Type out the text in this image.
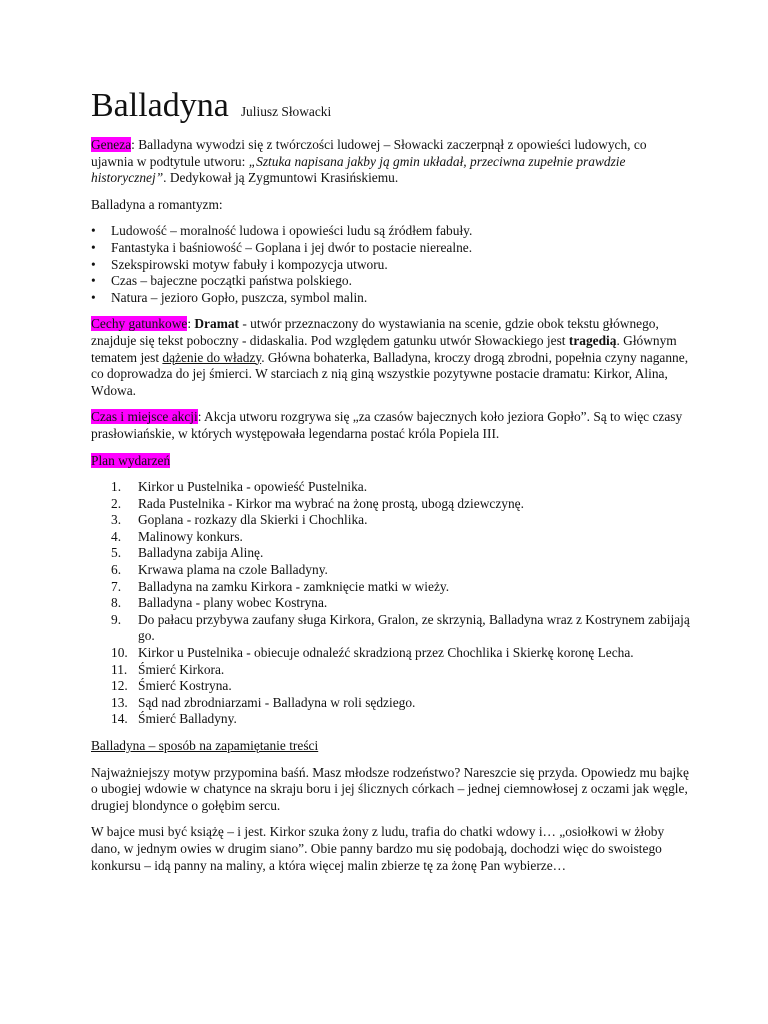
Balladyna Juliusz Słowacki

Geneza: Balladyna wywodzi się z twórczości ludowej – Słowacki zaczerpnął z opowieści ludowych, co ujawnia w podtytule utworu: „Sztuka napisana jakby ją gmin układał, przeciwna zupełnie prawdzie historycznej”. Dedykował ją Zygmuntowi Krasińskiemu.

Balladyna a romantyzm:

•	Ludowość – moralność ludowa i opowieści ludu są źródłem fabuły.
•	Fantastyka i baśniowość – Goplana i jej dwór to postacie nierealne.
•	Szekspirowski motyw fabuły i kompozycja utworu.
•	Czas – bajeczne początki państwa polskiego.
•	Natura – jezioro Gopło, puszcza, symbol malin.

Cechy gatunkowe: Dramat - utwór przeznaczony do wystawiania na scenie, gdzie obok tekstu głównego, znajduje się tekst poboczny - didaskalia. Pod względem gatunku utwór Słowackiego jest tragedią. Głównym tematem jest dążenie do władzy. Główna bohaterka, Balladyna, kroczy drogą zbrodni, popełnia czyny naganne, co doprowadza do jej śmierci. W starciach z nią giną wszystkie pozytywne postacie dramatu: Kirkor, Alina, Wdowa.

Czas i miejsce akcji: Akcja utworu rozgrywa się „za czasów bajecznych koło jeziora Gopło”. Są to więc czasy prasłowiańskie, w których występowała legendarna postać króla Popiela III.

Plan wydarzeń

1.	Kirkor u Pustelnika - opowieść Pustelnika.
2.	Rada Pustelnika - Kirkor ma wybrać na żonę prostą, ubogą dziewczynę.
3.	Goplana - rozkazy dla Skierki i Chochlika.
4.	Malinowy konkurs.
5.	Balladyna zabija Alinę.
6.	Krwawa plama na czole Balladyny.
7.	Balladyna na zamku Kirkora - zamknięcie matki w wieży.
8.	Balladyna - plany wobec Kostryna.
9.	Do pałacu przybywa zaufany sługa Kirkora, Gralon, ze skrzynią, Balladyna wraz z Kostrynem zabijają go.
10. Kirkor u Pustelnika - obiecuje odnaleźć skradzioną przez Chochlika i Skierkę koronę Lecha.
11. Śmierć Kirkora.
12. Śmierć Kostryna.
13. Sąd nad zbrodniarzami - Balladyna w roli sędziego.
14. Śmierć Balladyny.

Balladyna – sposób na zapamiętanie treści

Najważniejszy motyw przypomina baśń. Masz młodsze rodzeństwo? Nareszcie się przyda. Opowiedz mu bajkę o ubogiej wdowie w chatynce na skraju boru i jej ślicznych córkach – jednej ciemnowłosej z oczami jak węgle, drugiej blondynce o gołębim sercu.

W bajce musi być książę – i jest. Kirkor szuka żony z ludu, trafia do chatki wdowy i… „osiołkowi w żłoby dano, w jednym owies w drugim siano”. Obie panny bardzo mu się podobają, dochodzi więc do swoistego konkursu – idą panny na maliny, a która więcej malin zbierze tę za żonę Pan wybierze…
